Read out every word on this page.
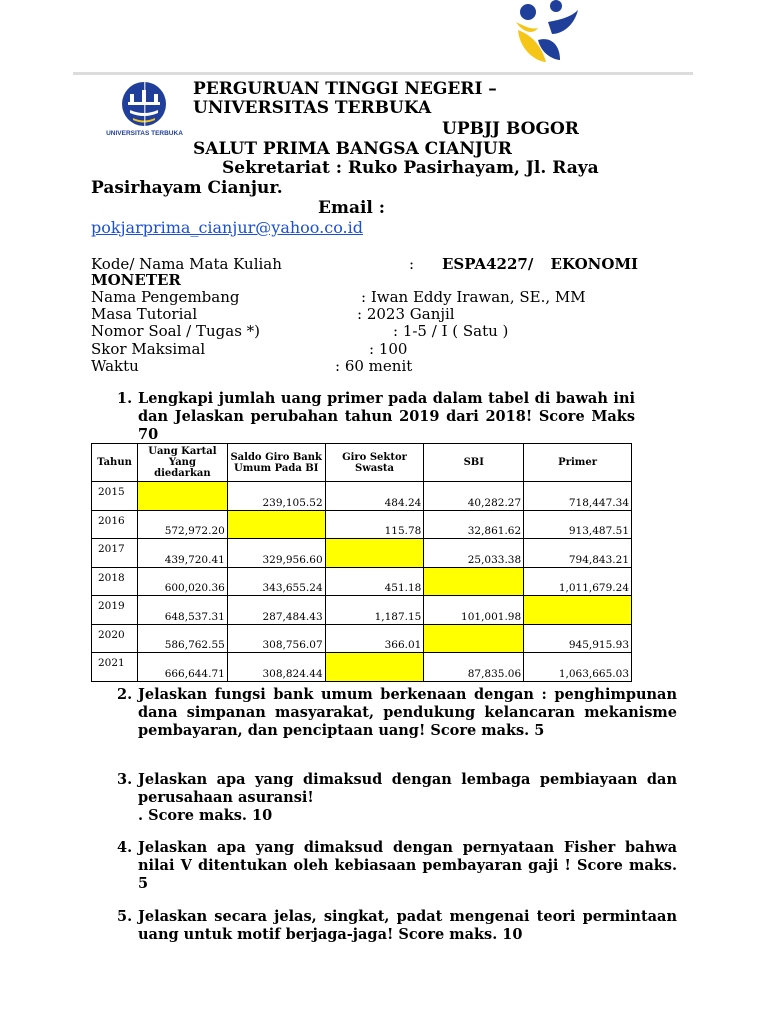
UNIVERSITAS TERBUKA
PERGURUAN TINGGI NEGERI –
UNIVERSITAS TERBUKA
UPBJJ BOGOR
SALUT PRIMA BANGSA CIANJUR
Sekretariat : Ruko Pasirhayam, Jl. Raya
Pasirhayam Cianjur.
Email :
pokjarprima_cianjur@yahoo.co.id
Kode/ Nama Mata Kuliah	: ESPA4227/ EKONOMI
MONETER
Nama Pengembang	: Iwan Eddy Irawan, SE., MM
Masa Tutorial	: 2023 Ganjil
Nomor Soal / Tugas *)	: 1-5 / I ( Satu )
Skor Maksimal	: 100
Waktu	: 60 menit
1. Lengkapi jumlah uang primer pada dalam tabel di bawah ini dan Jelaskan perubahan tahun 2019 dari 2018! Score Maks 70
Tahun	Uang Kartal Yang diedarkan	Saldo Giro Bank Umum Pada BI	Giro Sektor Swasta	SBI	Primer
2015		239,105.52	484.24	40,282.27	718,447.34
2016	572,972.20		115.78	32,861.62	913,487.51
2017	439,720.41	329,956.60		25,033.38	794,843.21
2018	600,020.36	343,655.24	451.18		1,011,679.24
2019	648,537.31	287,484.43	1,187.15	101,001.98	
2020	586,762.55	308,756.07	366.01		945,915.93
2021	666,644.71	308,824.44		87,835.06	1,063,665.03
2. Jelaskan fungsi bank umum berkenaan dengan : penghimpunan dana simpanan masyarakat, pendukung kelancaran mekanisme pembayaran, dan penciptaan uang! Score maks. 5
3. Jelaskan apa yang dimaksud dengan lembaga pembiayaan dan perusahaan asuransi!
. Score maks. 10
4. Jelaskan apa yang dimaksud dengan pernyataan Fisher bahwa nilai V ditentukan oleh kebiasaan pembayaran gaji ! Score maks. 5
5. Jelaskan secara jelas, singkat, padat mengenai teori permintaan uang untuk motif berjaga-jaga! Score maks. 10
